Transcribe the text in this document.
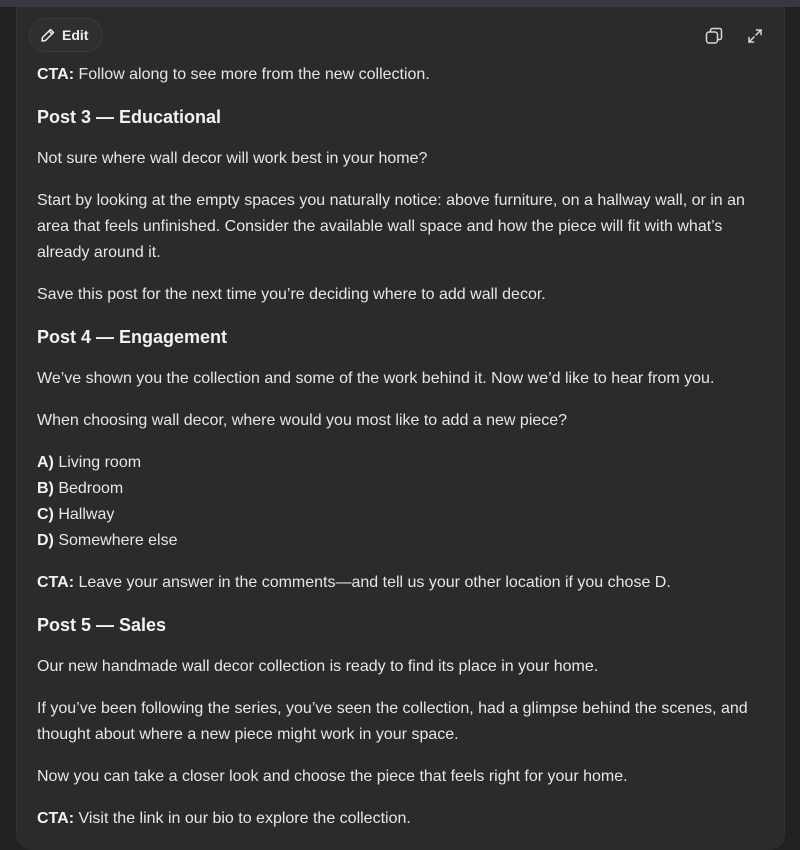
Edit

CTA: Follow along to see more from the new collection.

Post 3 — Educational

Not sure where wall decor will work best in your home?

Start by looking at the empty spaces you naturally notice: above furniture, on a hallway wall, or in an area that feels unfinished. Consider the available wall space and how the piece will fit with what’s already around it.

Save this post for the next time you’re deciding where to add wall decor.

Post 4 — Engagement

We’ve shown you the collection and some of the work behind it. Now we’d like to hear from you.

When choosing wall decor, where would you most like to add a new piece?

A) Living room

B) Bedroom

C) Hallway

D) Somewhere else

CTA: Leave your answer in the comments—and tell us your other location if you chose D.

Post 5 — Sales

Our new handmade wall decor collection is ready to find its place in your home.

If you’ve been following the series, you’ve seen the collection, had a glimpse behind the scenes, and thought about where a new piece might work in your space.

Now you can take a closer look and choose the piece that feels right for your home.

CTA: Visit the link in our bio to explore the collection.
